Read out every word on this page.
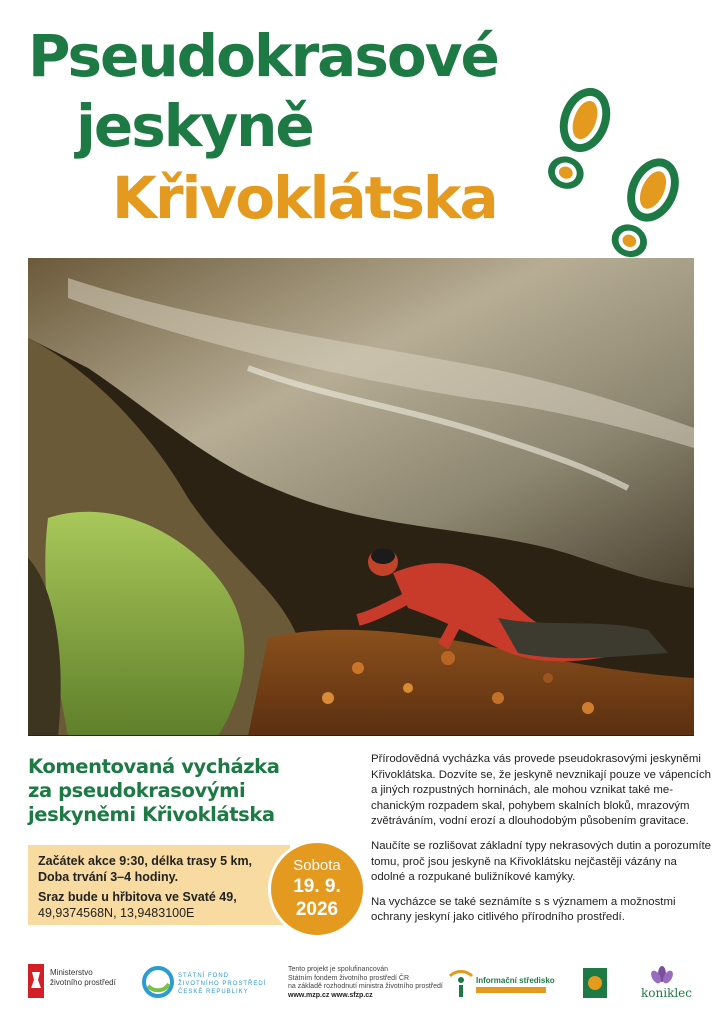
Pseudokrasové
jeskyně
Křivoklátska
Komentovaná vycházka
za pseudokrasovými
jeskyněmi Křivoklátska
Začátek akce 9:30, délka trasy 5 km,
Doba trvání 3–4 hodiny.
Sraz bude u hřbitova ve Svaté 49,
49,9374568N, 13,9483100E
Sobota
19. 9.
2026

Přírodovědná vycházka vás provede pseudokrasovými jeskyněmi
Křivoklátska. Dozvíte se, že jeskyně nevznikají pouze ve vápencích
a jiných rozpustných horninách, ale mohou vznikat také me-
chanickým rozpadem skal, pohybem skalních bloků, mrazovým
zvětráváním, vodní erozí a dlouhodobým působením gravitace.

Naučíte se rozlišovat základní typy nekrasových dutin a porozumíte
tomu, proč jsou jeskyně na Křivoklátsku nejčastěji vázány na
odolné a rozpukané buližníkové kamýky.

Na vycházce se také seznámíte s s významem a možnostmi
ochrany jeskyní jako citlivého přírodního prostředí.

Ministerstvo
životního prostředí
STÁTNÍ FOND
ŽIVOTNÍHO PROSTŘEDÍ
ČESKÉ REPUBLIKY
Tento projekt je spolufinancován
Státním fondem životního prostředí ČR
na základě rozhodnutí ministra životního prostředí
www.mzp.cz www.sfzp.cz
Informační středisko
koniklec
